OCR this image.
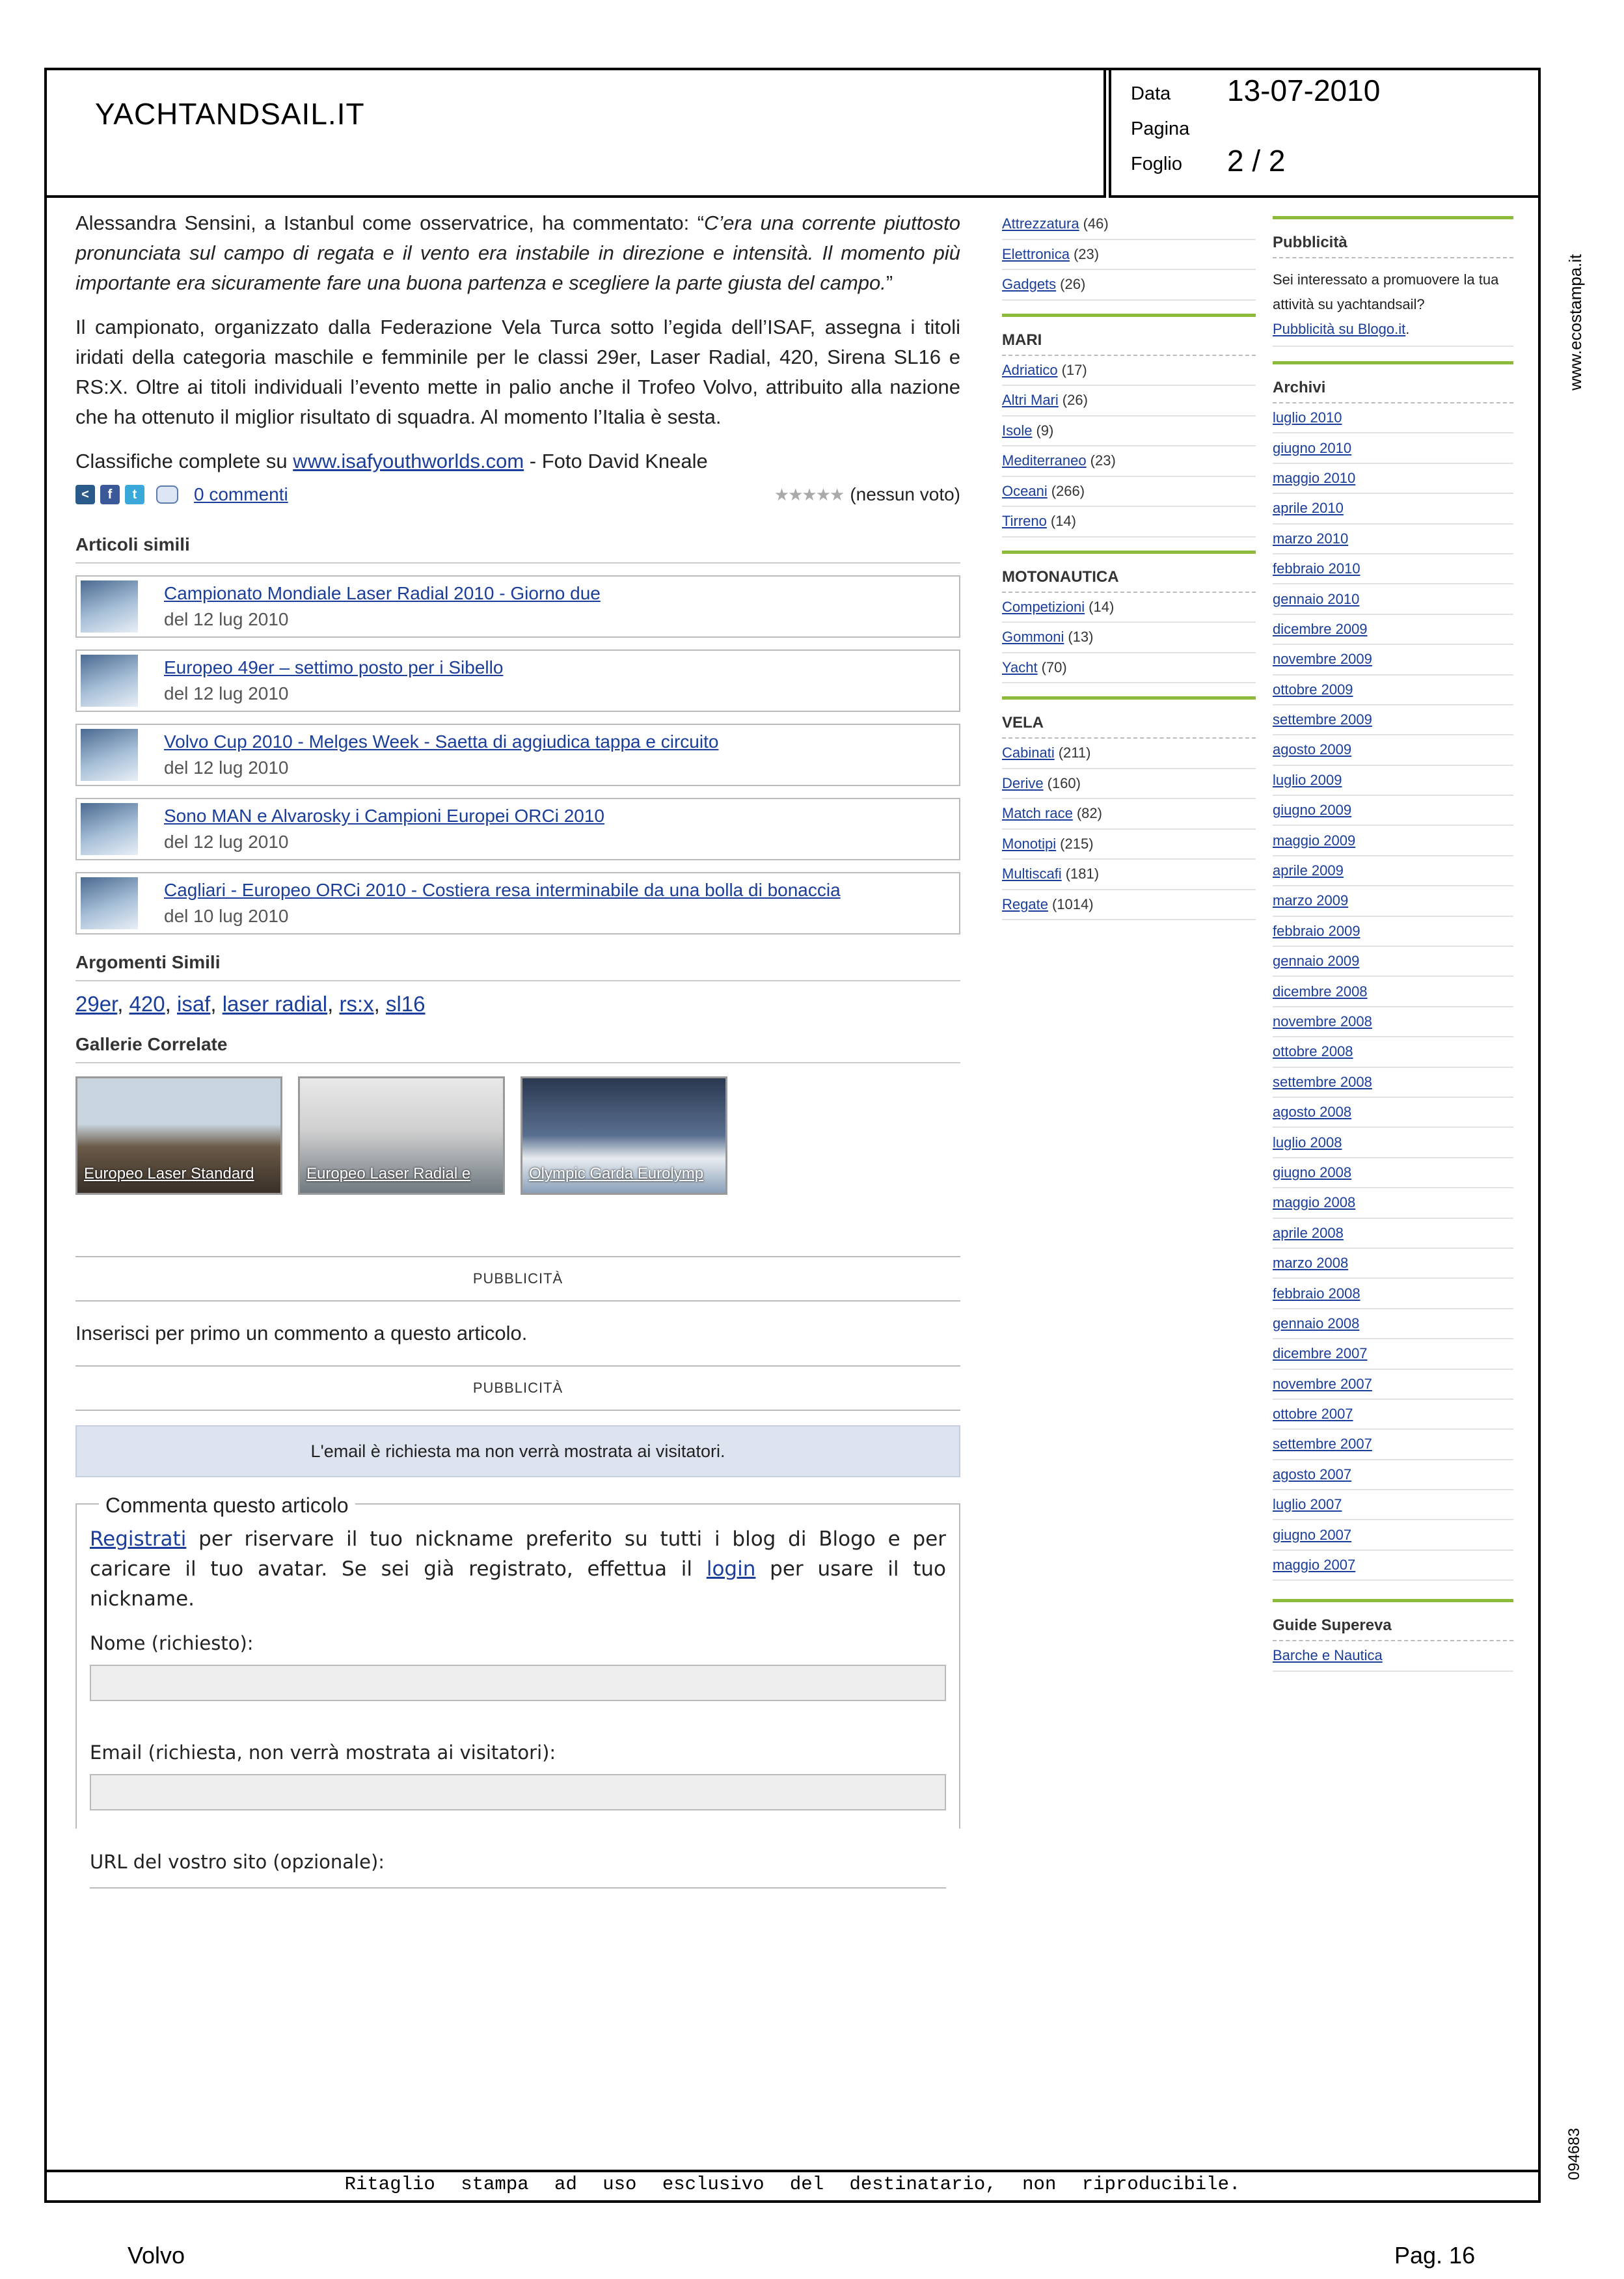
YACHTANDSAIL.IT
Data 13-07-2010
Pagina
Foglio 2 / 2
www.ecostampa.it
094683

Alessandra Sensini, a Istanbul come osservatrice, ha commentato: “C’era una corrente piuttosto pronunciata sul campo di regata e il vento era instabile in direzione e intensità. Il momento più importante era sicuramente fare una buona partenza e scegliere la parte giusta del campo.”

Il campionato, organizzato dalla Federazione Vela Turca sotto l’egida dell’ISAF, assegna i titoli iridati della categoria maschile e femminile per le classi 29er, Laser Radial, 420, Sirena SL16 e RS:X. Oltre ai titoli individuali l’evento mette in palio anche il Trofeo Volvo, attribuito alla nazione che ha ottenuto il miglior risultato di squadra. Al momento l’Italia è sesta.

Classifiche complete su www.isafyouthworlds.com - Foto David Kneale

<	f	t	0 commenti	★★★★★ (nessun voto)
Articoli simili
Campionato Mondiale Laser Radial 2010 - Giorno due
del 12 lug 2010
Europeo 49er – settimo posto per i Sibello
del 12 lug 2010
Volvo Cup 2010 - Melges Week - Saetta di aggiudica tappa e circuito
del 12 lug 2010
Sono MAN e Alvarosky i Campioni Europei ORCi 2010
del 12 lug 2010
Cagliari - Europeo ORCi 2010 - Costiera resa interminabile da una bolla di bonaccia
del 10 lug 2010
Argomenti Simili
29er, 420, isaf, laser radial, rs:x, sl16
Gallerie Correlate
Europeo Laser Standard	Europeo Laser Radial e	Olympic Garda Eurolymp
PUBBLICITÀ
Inserisci per primo un commento a questo articolo.
PUBBLICITÀ
L'email è richiesta ma non verrà mostrata ai visitatori.
Commenta questo articolo

Registrati per riservare il tuo nickname preferito su tutti i blog di Blogo e per caricare il tuo avatar. Se sei già registrato, effettua il login per usare il tuo nickname.

Nome (richiesto):
Email (richiesta, non verrà mostrata ai visitatori):
URL del vostro sito (opzionale):
Attrezzatura (46)
Elettronica (23)
Gadgets (26)
MARI
Adriatico (17)
Altri Mari (26)
Isole (9)
Mediterraneo (23)
Oceani (266)
Tirreno (14)
MOTONAUTICA
Competizioni (14)
Gommoni (13)
Yacht (70)
VELA
Cabinati (211)
Derive (160)
Match race (82)
Monotipi (215)
Multiscafi (181)
Regate (1014)
Pubblicità
Sei interessato a promuovere la tua attività su yachtandsail?
Pubblicità su Blogo.it.
Archivi
luglio 2010
giugno 2010
maggio 2010
aprile 2010
marzo 2010
febbraio 2010
gennaio 2010
dicembre 2009
novembre 2009
ottobre 2009
settembre 2009
agosto 2009
luglio 2009
giugno 2009
maggio 2009
aprile 2009
marzo 2009
febbraio 2009
gennaio 2009
dicembre 2008
novembre 2008
ottobre 2008
settembre 2008
agosto 2008
luglio 2008
giugno 2008
maggio 2008
aprile 2008
marzo 2008
febbraio 2008
gennaio 2008
dicembre 2007
novembre 2007
ottobre 2007
settembre 2007
agosto 2007
luglio 2007
giugno 2007
maggio 2007
Guide Supereva
Barche e Nautica
Ritaglio stampa ad uso esclusivo del destinatario, non riproducibile.
Volvo	Pag. 16
